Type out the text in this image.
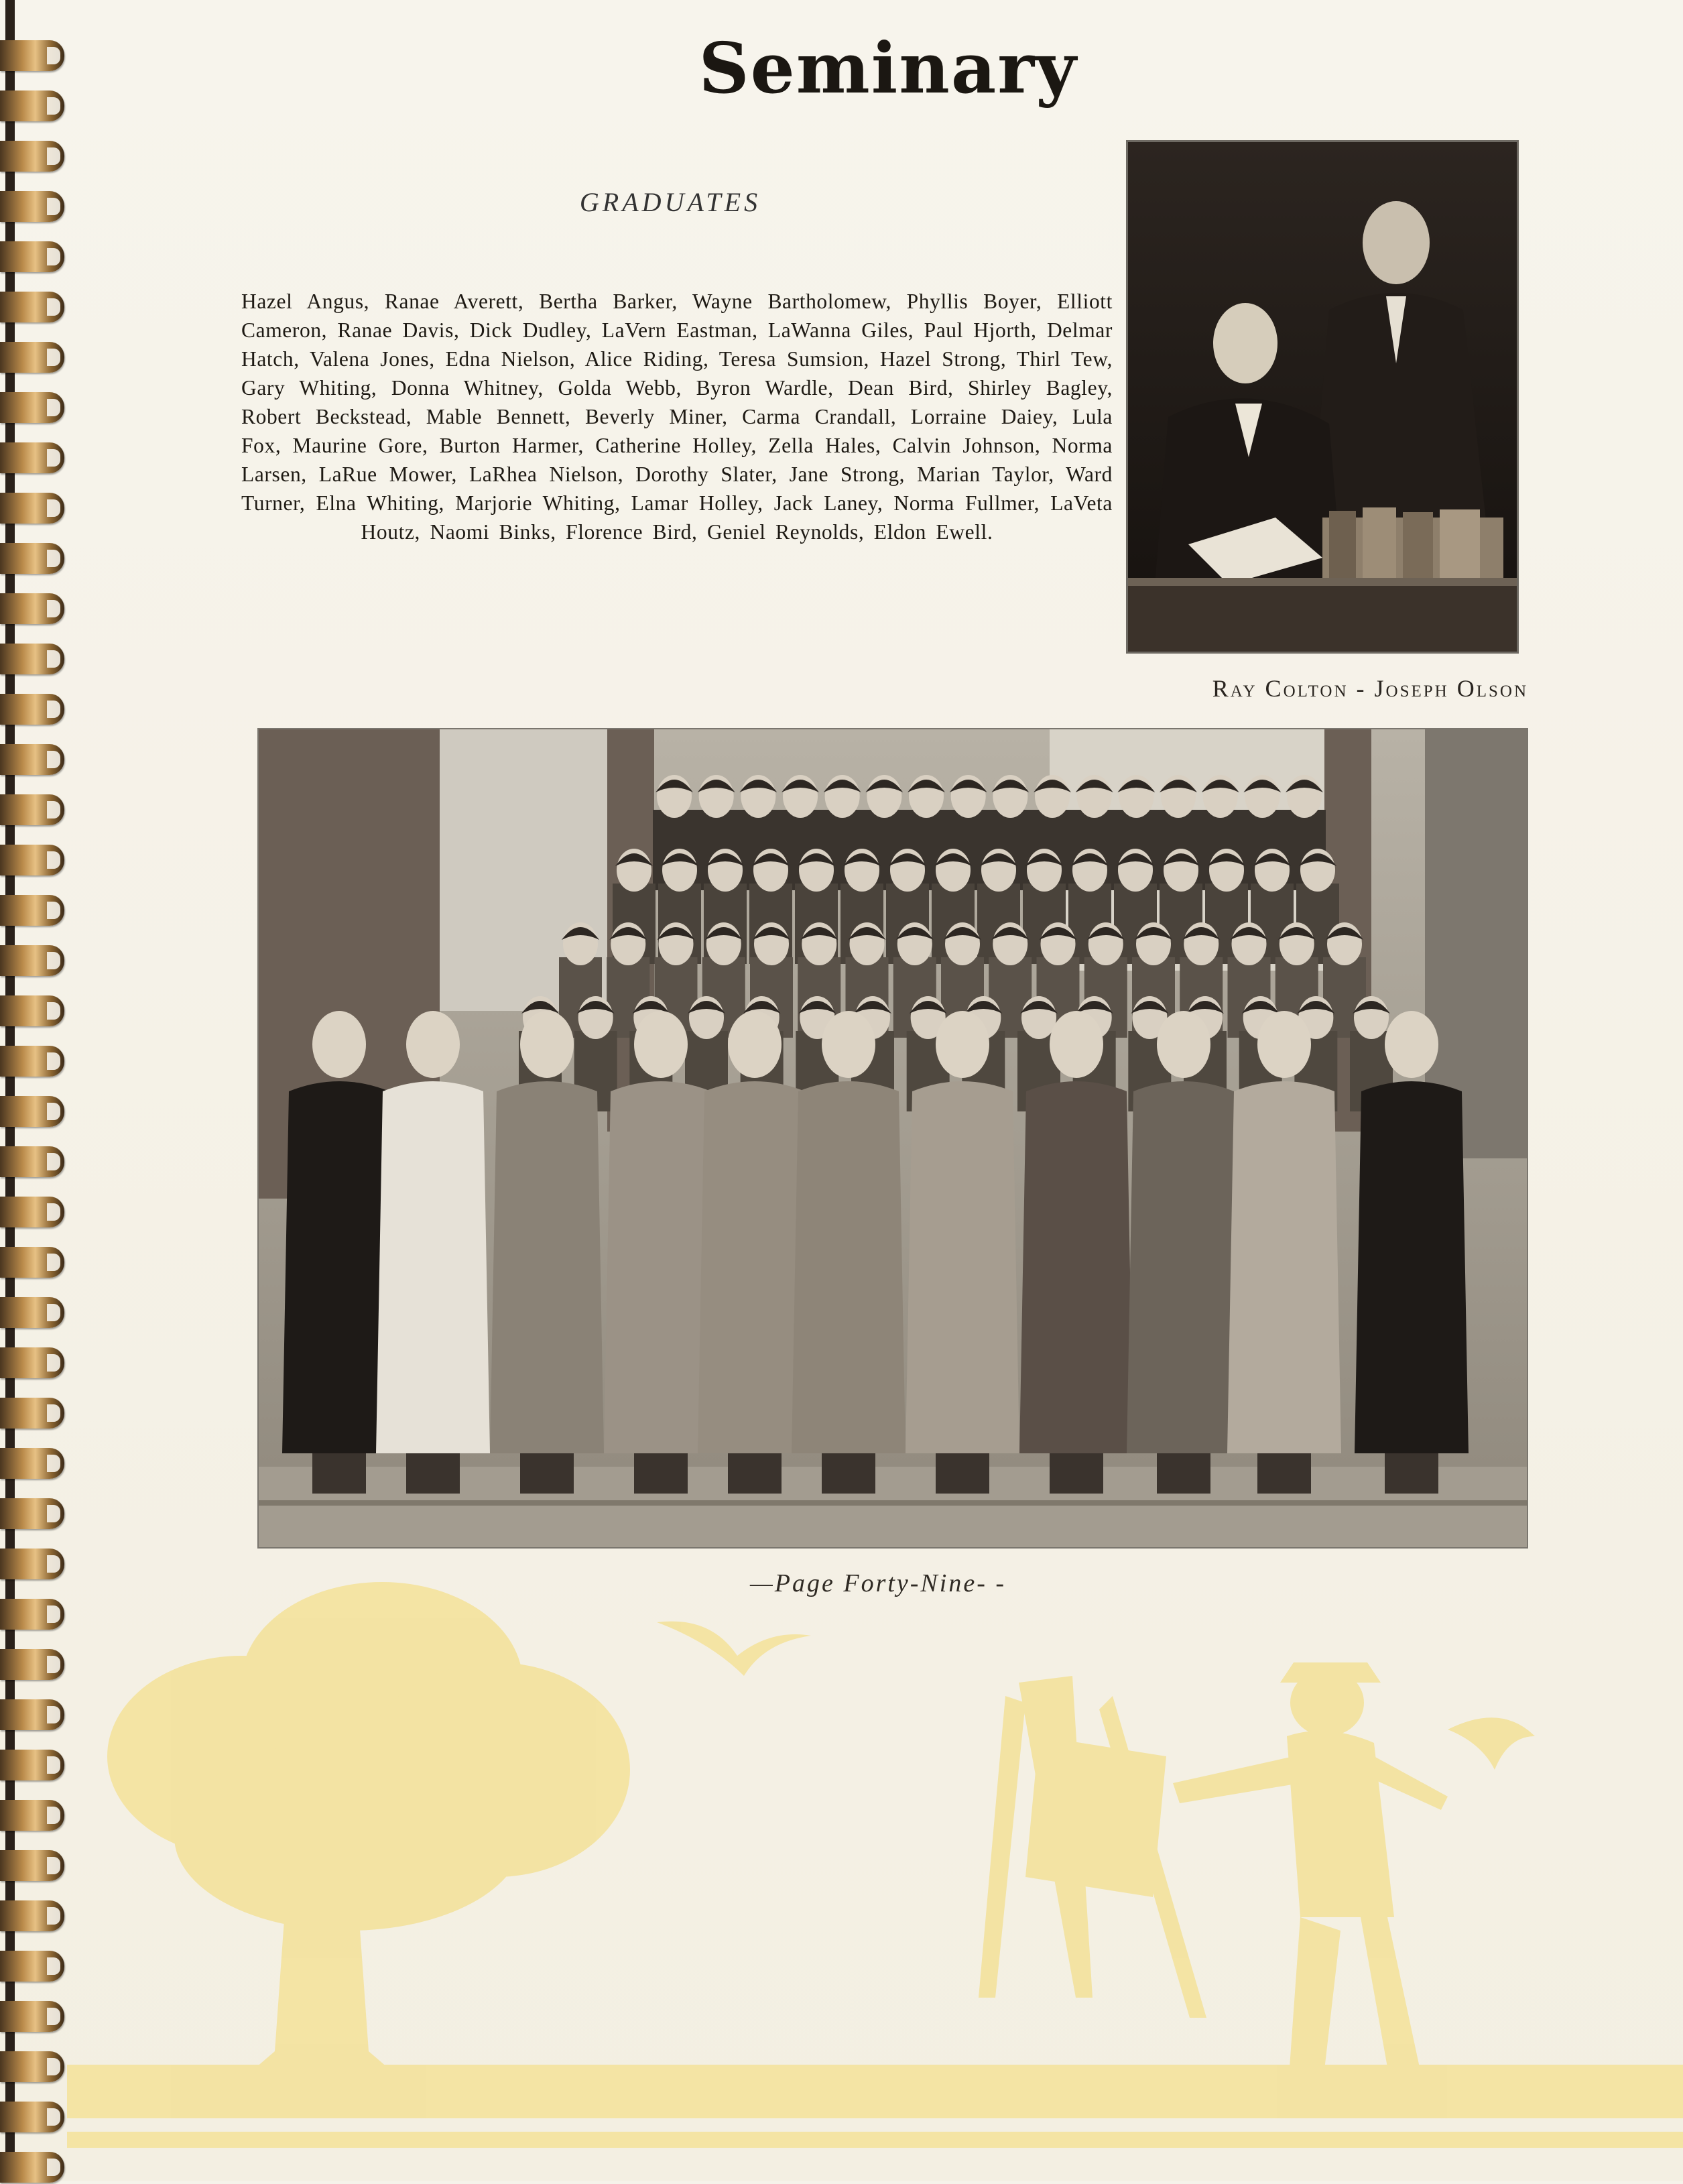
Seminary
GRADUATES
Hazel Angus, Ranae Averett, Bertha Barker, Wayne Bartholomew, Phyllis Boyer, Elliott Cameron, Ranae Davis, Dick Dudley, LaVern Eastman, LaWanna Giles, Paul Hjorth, Delmar Hatch, Valena Jones, Edna Nielson, Alice Riding, Teresa Sumsion, Hazel Strong, Thirl Tew, Gary Whiting, Donna Whitney, Golda Webb, Byron Wardle, Dean Bird, Shirley Bagley, Robert Beckstead, Mable Bennett, Beverly Miner, Carma Crandall, Lorraine Daiey, Lula Fox, Maurine Gore, Burton Harmer, Catherine Holley, Zella Hales, Calvin Johnson, Norma Larsen, LaRue Mower, LaRhea Nielson, Dorothy Slater, Jane Strong, Marian Taylor, Ward Turner, Elna Whiting, Marjorie Whiting, Lamar Holley, Jack Laney, Norma Fullmer, LaVeta Houtz, Naomi Binks, Florence Bird, Geniel Reynolds, Eldon Ewell.
Ray Colton - Joseph Olson
—Page Forty-Nine- -
